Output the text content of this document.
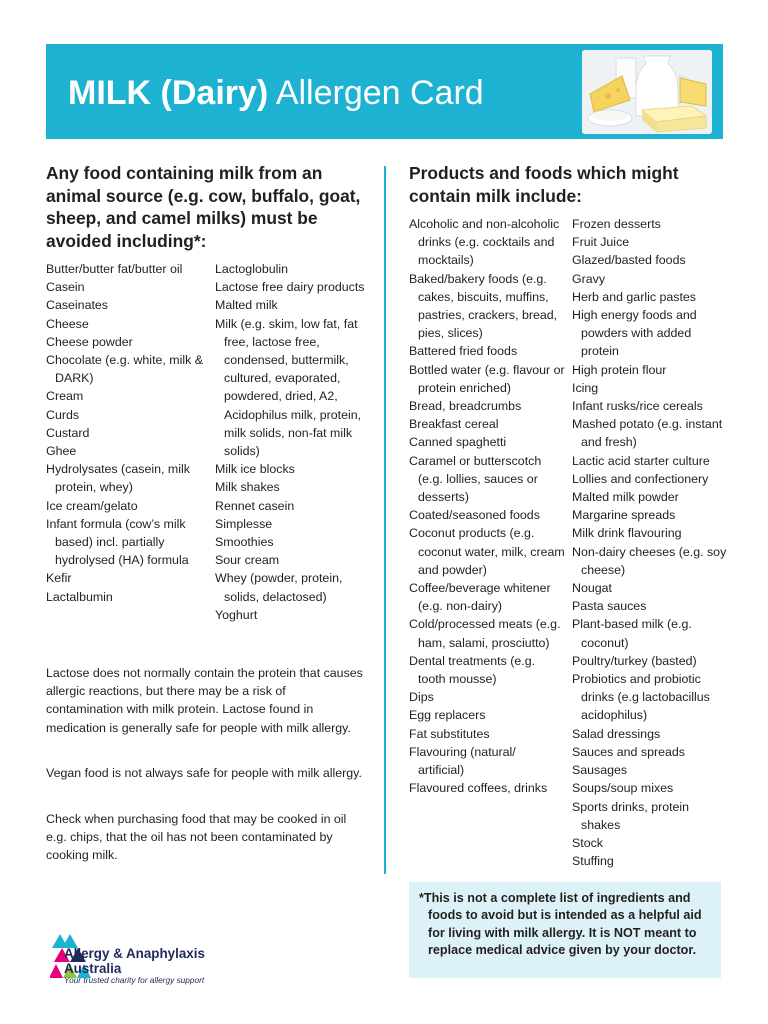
MILK (Dairy) Allergen Card
Any food containing milk from an animal source (e.g. cow, buffalo, goat, sheep, and camel milks) must be avoided including*:
Butter/butter fat/butter oil
Casein
Caseinates
Cheese
Cheese powder
Chocolate (e.g. white, milk & DARK)
Cream
Curds
Custard
Ghee
Hydrolysates (casein, milk protein, whey)
Ice cream/gelato
Infant formula (cow’s milk based) incl. partially hydrolysed (HA) formula
Kefir
Lactalbumin
Lactoglobulin
Lactose free dairy products
Malted milk
Milk (e.g. skim, low fat, fat free, lactose free, condensed, buttermilk, cultured, evaporated, powdered, dried, A2, Acidophilus milk, protein, milk solids, non-fat milk solids)
Milk ice blocks
Milk shakes
Rennet casein
Simplesse
Smoothies
Sour cream
Whey (powder, protein, solids, delactosed)
Yoghurt
Lactose does not normally contain the protein that causes allergic reactions, but there may be a risk of contamination with milk protein. Lactose found in medication is generally safe for people with milk allergy.
Vegan food is not always safe for people with milk allergy.
Check when purchasing food that may be cooked in oil e.g. chips, that the oil has not been contaminated by cooking milk.
Products and foods which might contain milk include:
Alcoholic and non-alcoholic drinks (e.g. cocktails and mocktails)
Baked/bakery foods (e.g. cakes, biscuits, muffins, pastries, crackers, bread, pies, slices)
Battered fried foods
Bottled water (e.g. flavour or protein enriched)
Bread, breadcrumbs
Breakfast cereal
Canned spaghetti
Caramel or butterscotch (e.g. lollies, sauces or desserts)
Coated/seasoned foods
Coconut products (e.g. coconut water, milk, cream and powder)
Coffee/beverage whitener (e.g. non-dairy)
Cold/processed meats (e.g. ham, salami, prosciutto)
Dental treatments (e.g. tooth mousse)
Dips
Egg replacers
Fat substitutes
Flavouring (natural/ artificial)
Flavoured coffees, drinks
Frozen desserts
Fruit Juice
Glazed/basted foods
Gravy
Herb and garlic pastes
High energy foods and powders with added protein
High protein flour
Icing
Infant rusks/rice cereals
Mashed potato (e.g. instant and fresh)
Lactic acid starter culture
Lollies and confectionery
Malted milk powder
Margarine spreads
Milk drink flavouring
Non-dairy cheeses (e.g. soy cheese)
Nougat
Pasta sauces
Plant-based milk (e.g. coconut)
Poultry/turkey (basted)
Probiotics and probiotic drinks (e.g lactobacillus acidophilus)
Salad dressings
Sauces and spreads
Sausages
Soups/soup mixes
Sports drinks, protein shakes
Stock
Stuffing
*This is not a complete list of ingredients and foods to avoid but is intended as a helpful aid for living with milk allergy. It is NOT meant to replace medical advice given by your doctor.
Allergy & Anaphylaxis
Australia
Your trusted charity for allergy support
